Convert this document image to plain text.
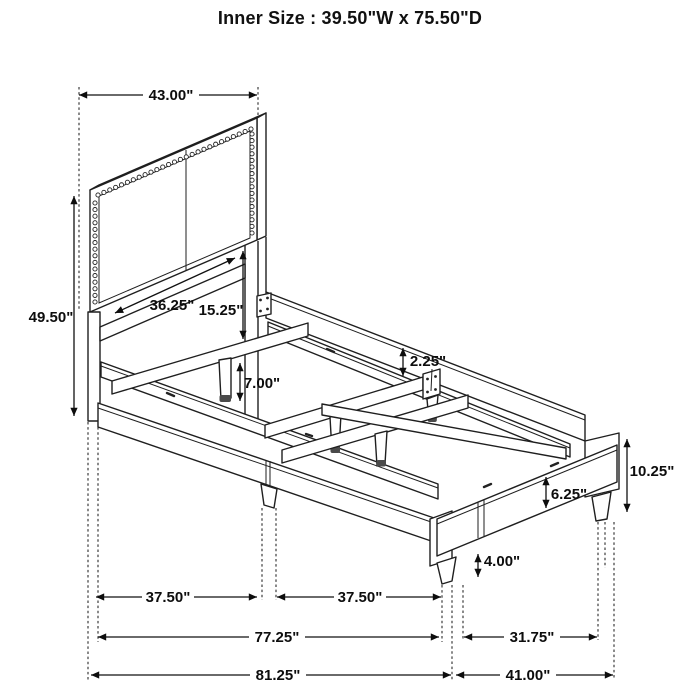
Inner Size : 39.50"W x 75.50"D
43.00"
49.50"
36.25" 15.25"
7.00"
2.25"
6.25"
10.25"
4.00"
37.50"	37.50"
77.25"	31.75"
81.25"	41.00"
